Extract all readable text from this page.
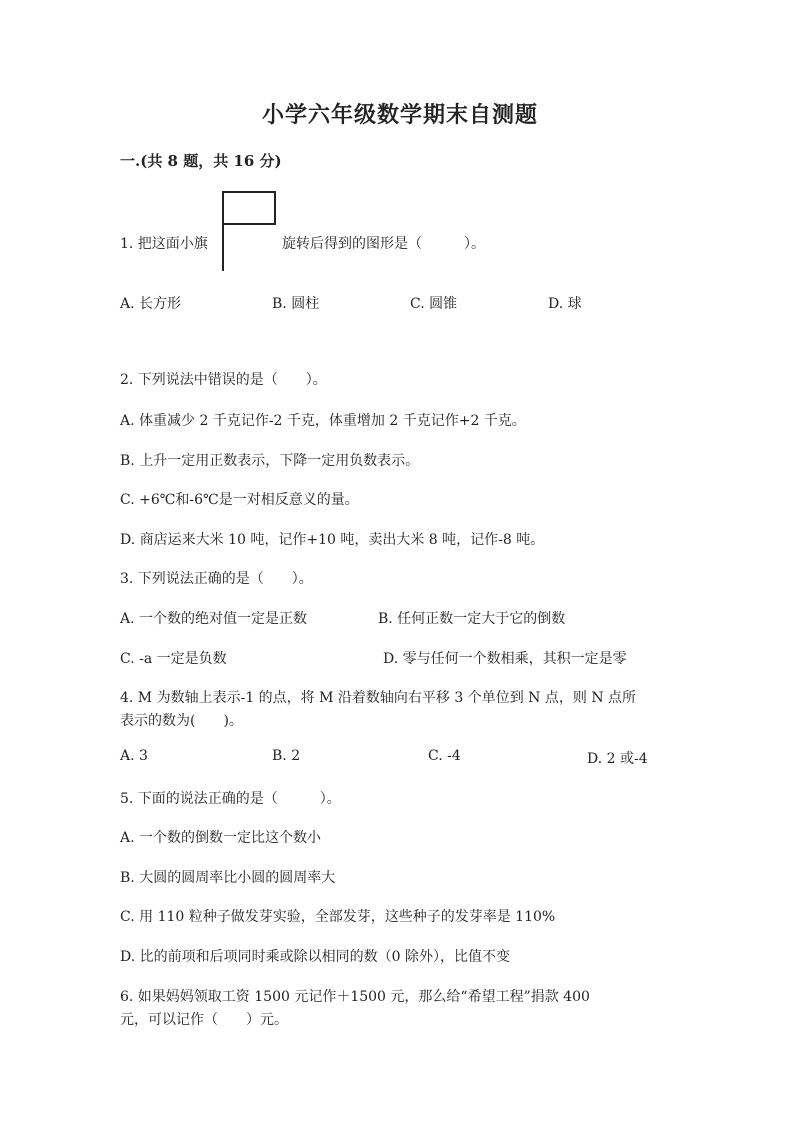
小学六年级数学期末自测题
一.(共 8 题，共 16 分)
1. 把这面小旗	旋转后得到的图形是（　　　）。
A. 长方形	B. 圆柱	C. 圆锥	D. 球
2. 下列说法中错误的是（　　）。
A. 体重减少 2 千克记作-2 千克，体重增加 2 千克记作+2 千克。
B. 上升一定用正数表示，下降一定用负数表示。
C. +6℃和-6℃是一对相反意义的量。
D. 商店运来大米 10 吨，记作+10 吨，卖出大米 8 吨，记作-8 吨。
3. 下列说法正确的是（　　）。
A. 一个数的绝对值一定是正数	B. 任何正数一定大于它的倒数
C. -a 一定是负数	D. 零与任何一个数相乘，其积一定是零
4. M 为数轴上表示-1 的点，将 M 沿着数轴向右平移 3 个单位到 N 点，则 N 点所
表示的数为(　　)。
A. 3	B. 2	C. -4	D. 2 或-4
5. 下面的说法正确的是（　　　）。
A. 一个数的倒数一定比这个数小
B. 大圆的圆周率比小圆的圆周率大
C. 用 110 粒种子做发芽实验，全部发芽，这些种子的发芽率是 110%
D. 比的前项和后项同时乘或除以相同的数（0 除外），比值不变
6. 如果妈妈领取工资 1500 元记作＋1500 元，那么给“希望工程”捐款 400
元，可以记作（　　）元。
